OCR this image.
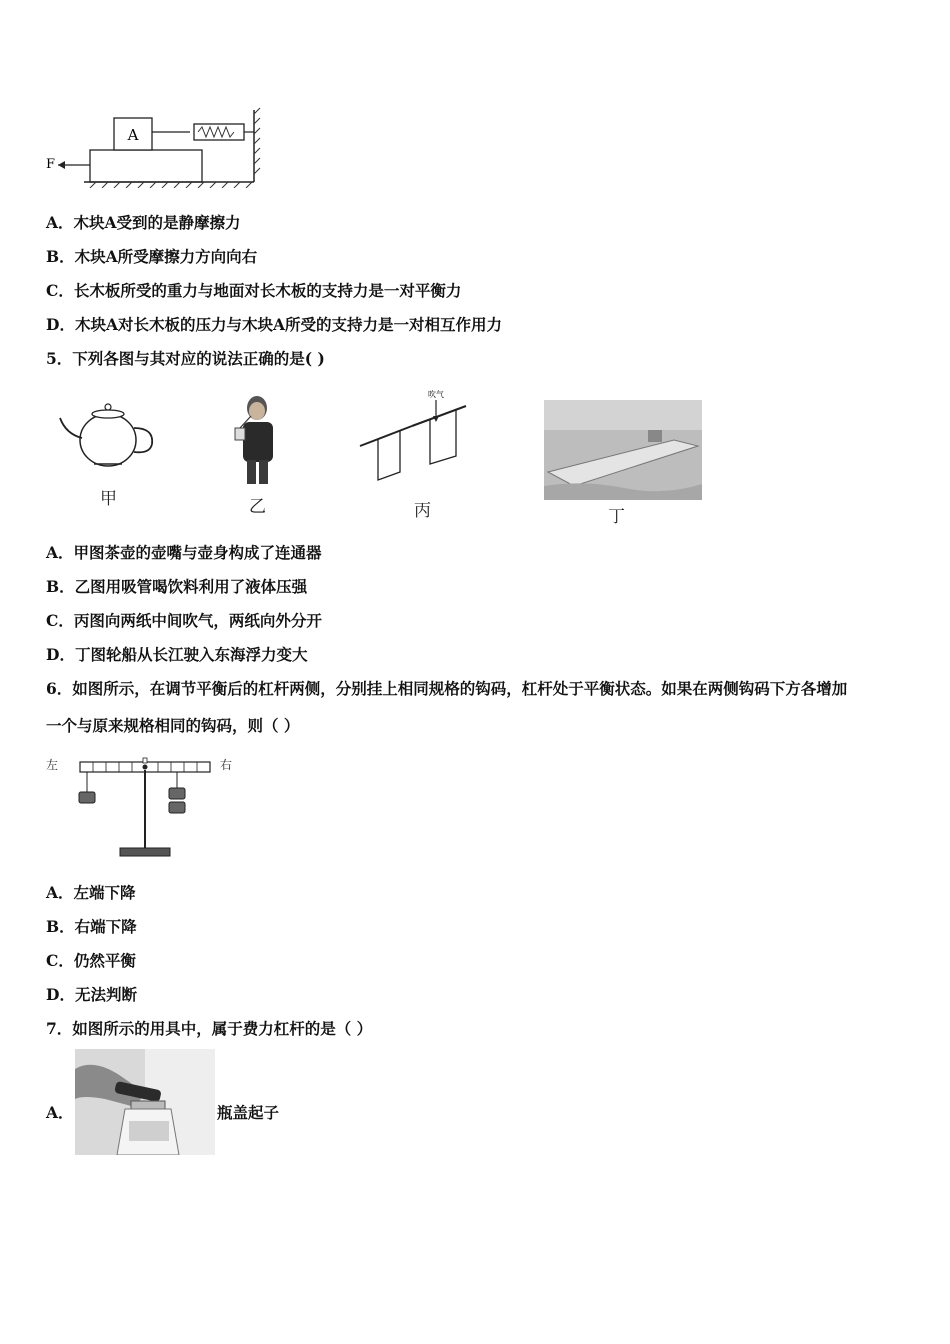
A
F
A．木块A受到的是静摩擦力
B．木块A所受摩擦力方向向右
C．长木板所受的重力与地面对长木板的支持力是一对平衡力
D．木块A对长木板的压力与木块A所受的支持力是一对相互作用力
5．下列各图与其对应的说法正确的是( )
甲	乙
吹气
丙	丁
A．甲图茶壶的壶嘴与壶身构成了连通器
B．乙图用吸管喝饮料利用了液体压强
C．丙图向两纸中间吹气，两纸向外分开
D．丁图轮船从长江驶入东海浮力变大
6．如图所示，在调节平衡后的杠杆两侧，分别挂上相同规格的钩码，杠杆处于平衡状态。如果在两侧钩码下方各增加
一个与原来规格相同的钩码，则（ ）
左	右
A．左端下降
B．右端下降
C．仍然平衡
D．无法判断
7．如图所示的用具中，属于费力杠杆的是（ ）
A．	瓶盖起子
